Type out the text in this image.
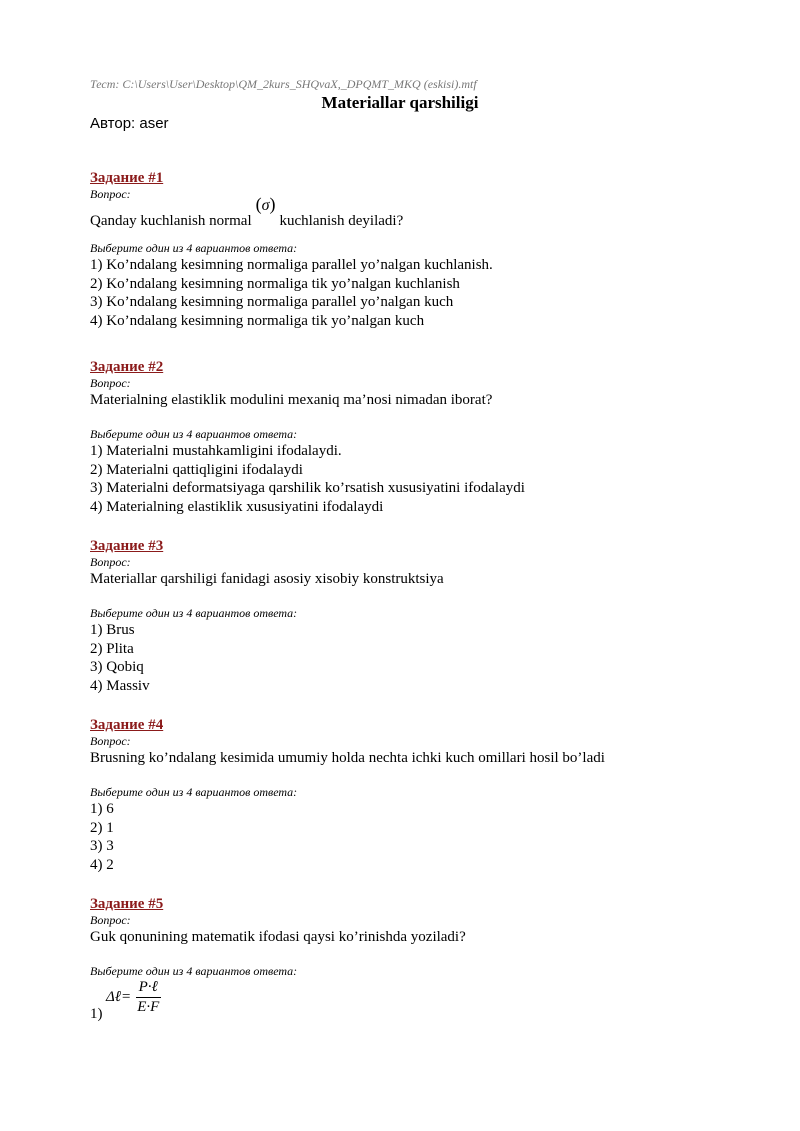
Тест: C:\Users\User\Desktop\QM_2kurs_SHQvaX,_DPQMT_MKQ (eskisi).mtf
Materiallar qarshiligi
Автор: aser
Задание #1
Вопрос:
Qanday kuchlanish normal(σ)kuchlanish deyiladi?
Выберите один из 4 вариантов ответа:
1) Ko’ndalang kesimning normaligа parallel yo’nalgan kuchlanish.
2) Ko’ndalang kesimning normaligа tik yo’nalgan kuchlanish
3) Ko’ndalang kesimning normaligа parallel yo’nalgan kuch
4) Ko’ndalang kesimning normaligа tik yo’nalgan kuch
Задание #2
Вопрос:
Materialning elastiklik modulini mexaniq ma’nosi nimadan iborat?
Выберите один из 4 вариантов ответа:
1) Materialni mustahkamligini ifodalaydi.
2) Materialni qattiqligini ifodalaydi
3) Materialni deformatsiyaga qarshilik ko’rsatish xususiyatini ifodalaydi
4) Materialning elastiklik xususiyatini ifodalaydi
Задание #3
Вопрос:
Materiallar qarshiligi fanidagi asosiy xisobiy konstruktsiya
Выберите один из 4 вариантов ответа:
1) Brus
2) Plita
3) Qobiq
4) Massiv
Задание #4
Вопрос:
Brusning ko’ndalang kesimida umumiy holda nechta ichki kuch omillari hosil bo’ladi
Выберите один из 4 вариантов ответа:
1) 6
2) 1
3) 3
4) 2
Задание #5
Вопрос:
Guk qonunining matematik ifodasi qaysi ko’rinishda yoziladi?
Выберите один из 4 вариантов ответа:
1)
Δℓ= $\frac{\text{P·ℓ}}{E\cdot F}$
